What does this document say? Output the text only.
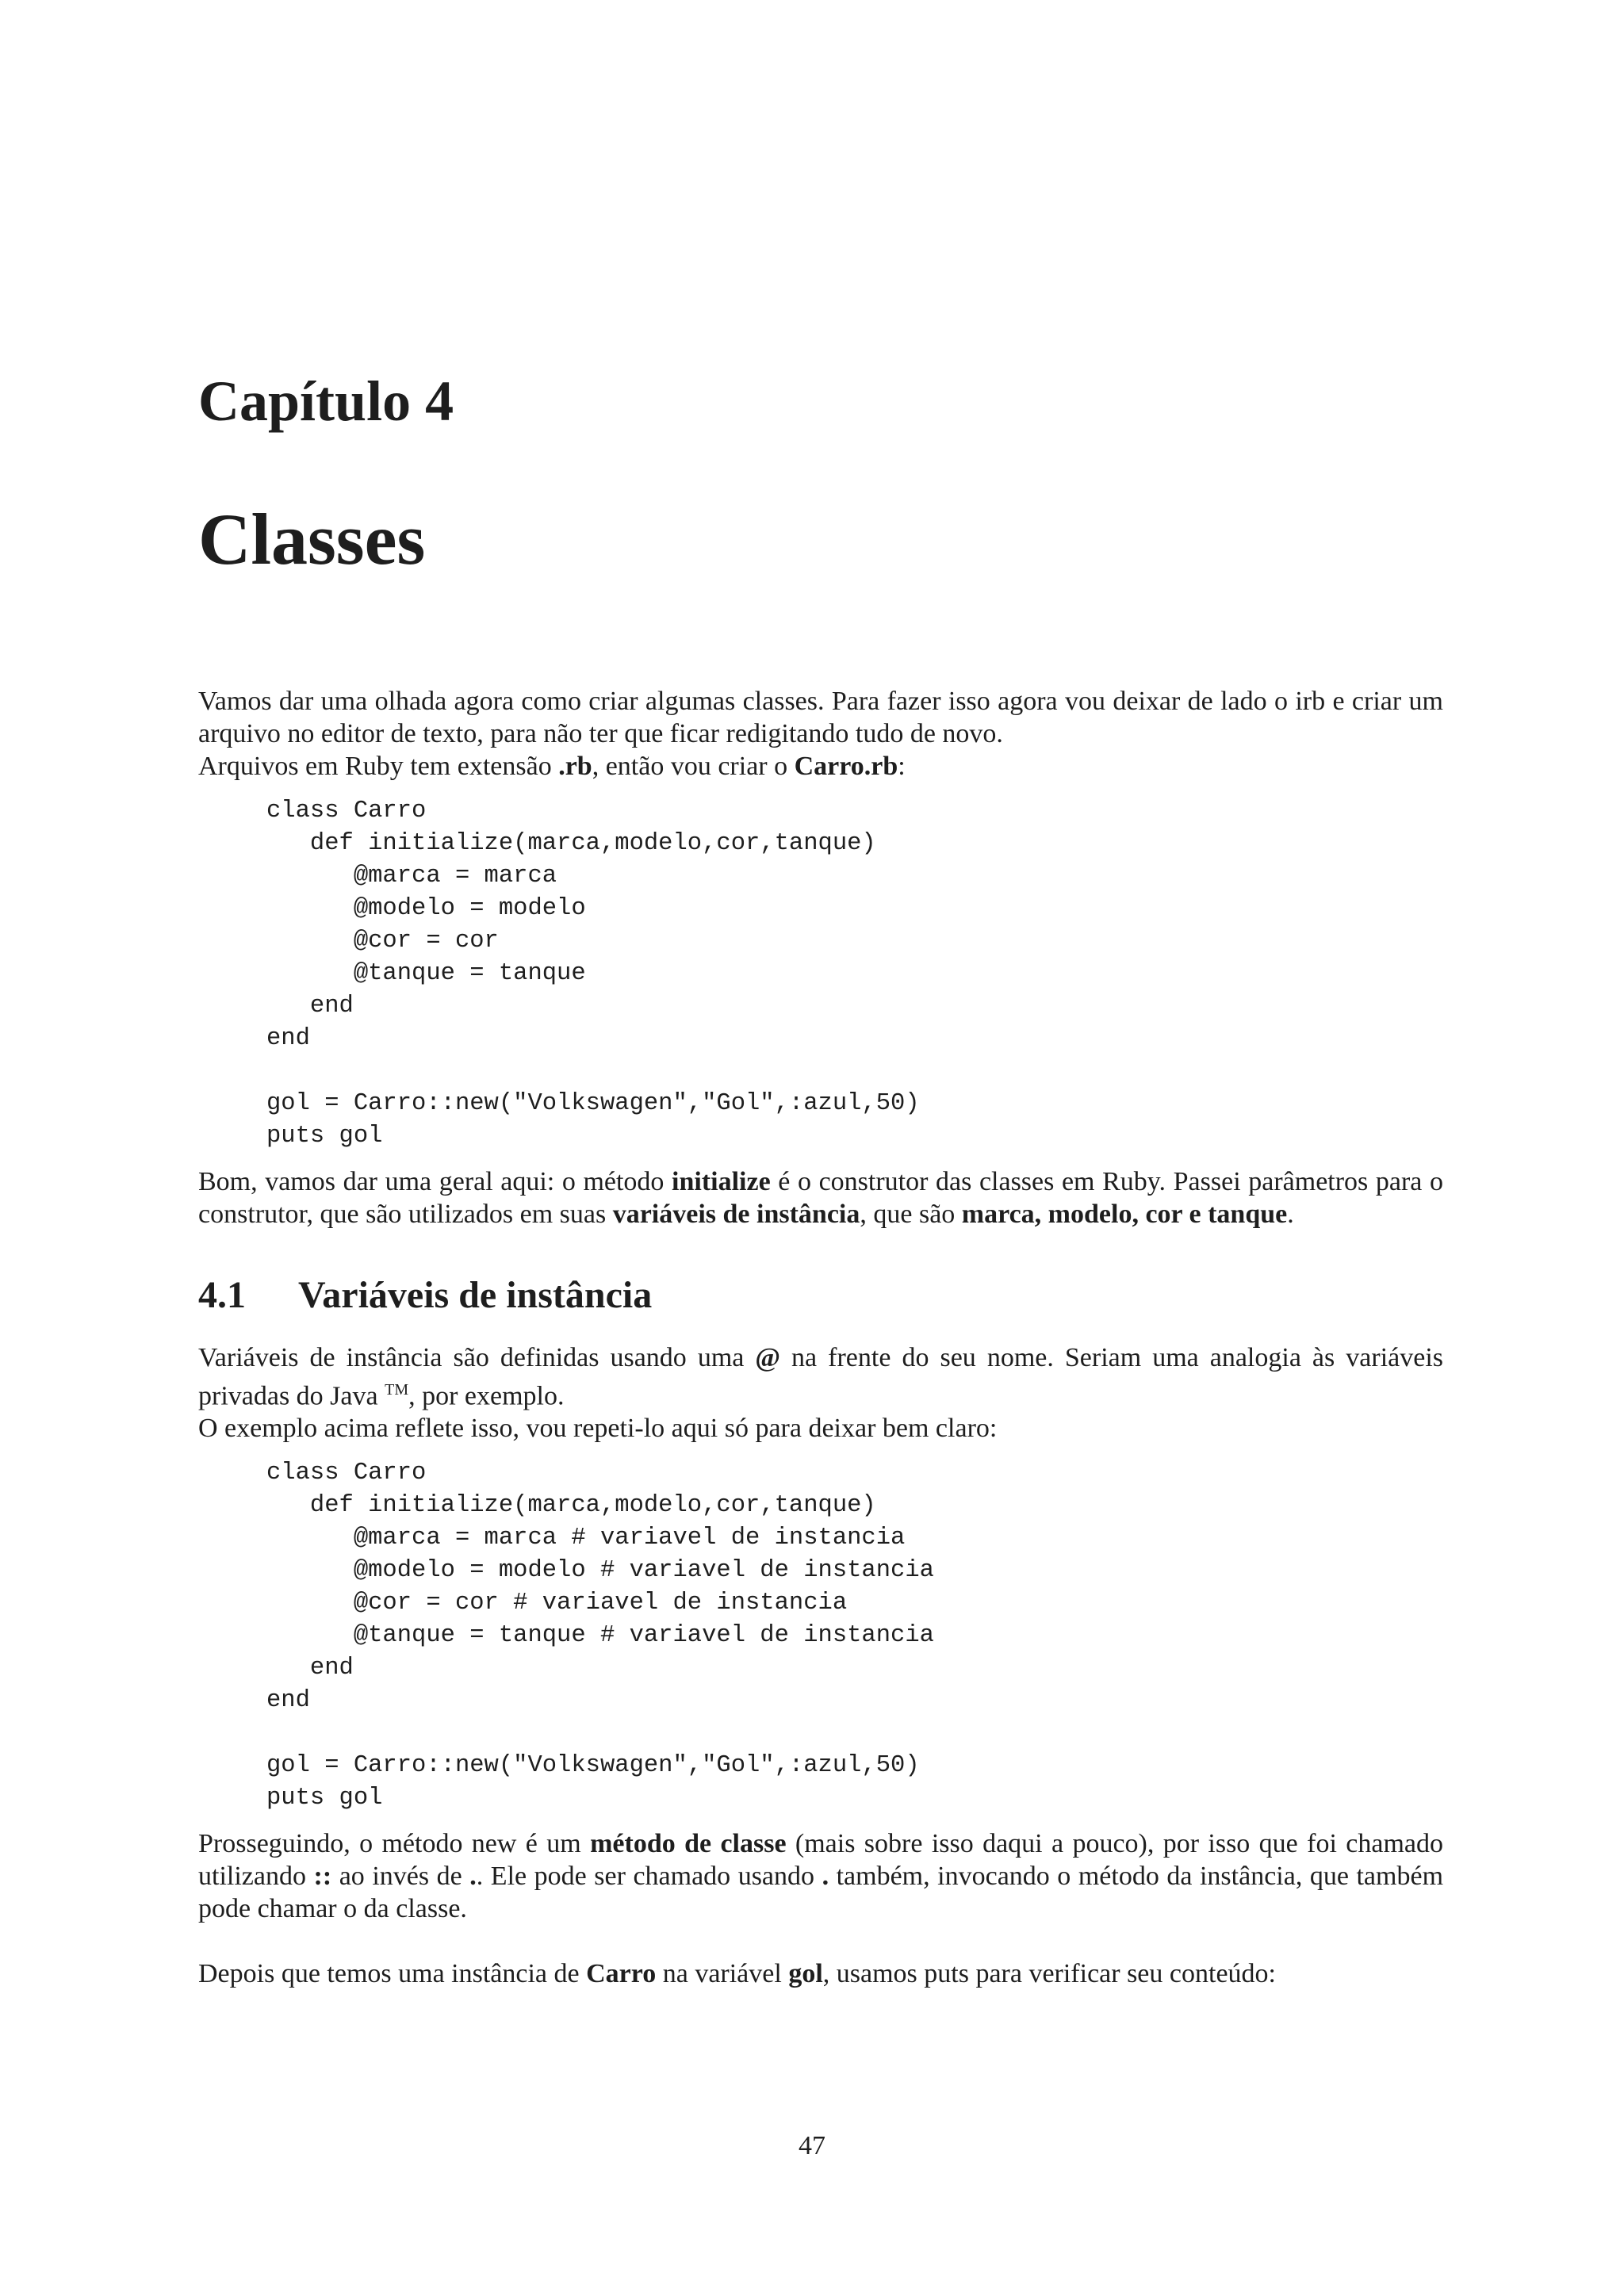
Capítulo 4
Classes

Vamos dar uma olhada agora como criar algumas classes. Para fazer isso agora vou deixar de lado o irb e criar um arquivo no editor de texto, para não ter que ficar redigitando tudo de novo.
Arquivos em Ruby tem extensão .rb, então vou criar o Carro.rb:

class Carro
def initialize(marca,modelo,cor,tanque)
@marca = marca
@modelo = modelo
@cor = cor
@tanque = tanque
end
end

gol = Carro::new("Volkswagen","Gol",:azul,50)
puts gol

Bom, vamos dar uma geral aqui: o método initialize é o construtor das classes em Ruby. Passei parâmetros para o construtor, que são utilizados em suas variáveis de instância, que são marca, modelo, cor e tanque.

4.1	Variáveis de instância

Variáveis de instância são definidas usando uma @ na frente do seu nome. Seriam uma analogia às variáveis privadas do Java ™, por exemplo.
O exemplo acima reflete isso, vou repeti-lo aqui só para deixar bem claro:

class Carro
def initialize(marca,modelo,cor,tanque)
@marca = marca # variavel de instancia
@modelo = modelo # variavel de instancia
@cor = cor # variavel de instancia
@tanque = tanque # variavel de instancia
end
end

gol = Carro::new("Volkswagen","Gol",:azul,50)
puts gol

Prosseguindo, o método new é um método de classe (mais sobre isso daqui a pouco), por isso que foi chamado utilizando :: ao invés de .. Ele pode ser chamado usando . também, invocando o método da instância, que também pode chamar o da classe.

Depois que temos uma instância de Carro na variável gol, usamos puts para verificar seu conteúdo:

47
